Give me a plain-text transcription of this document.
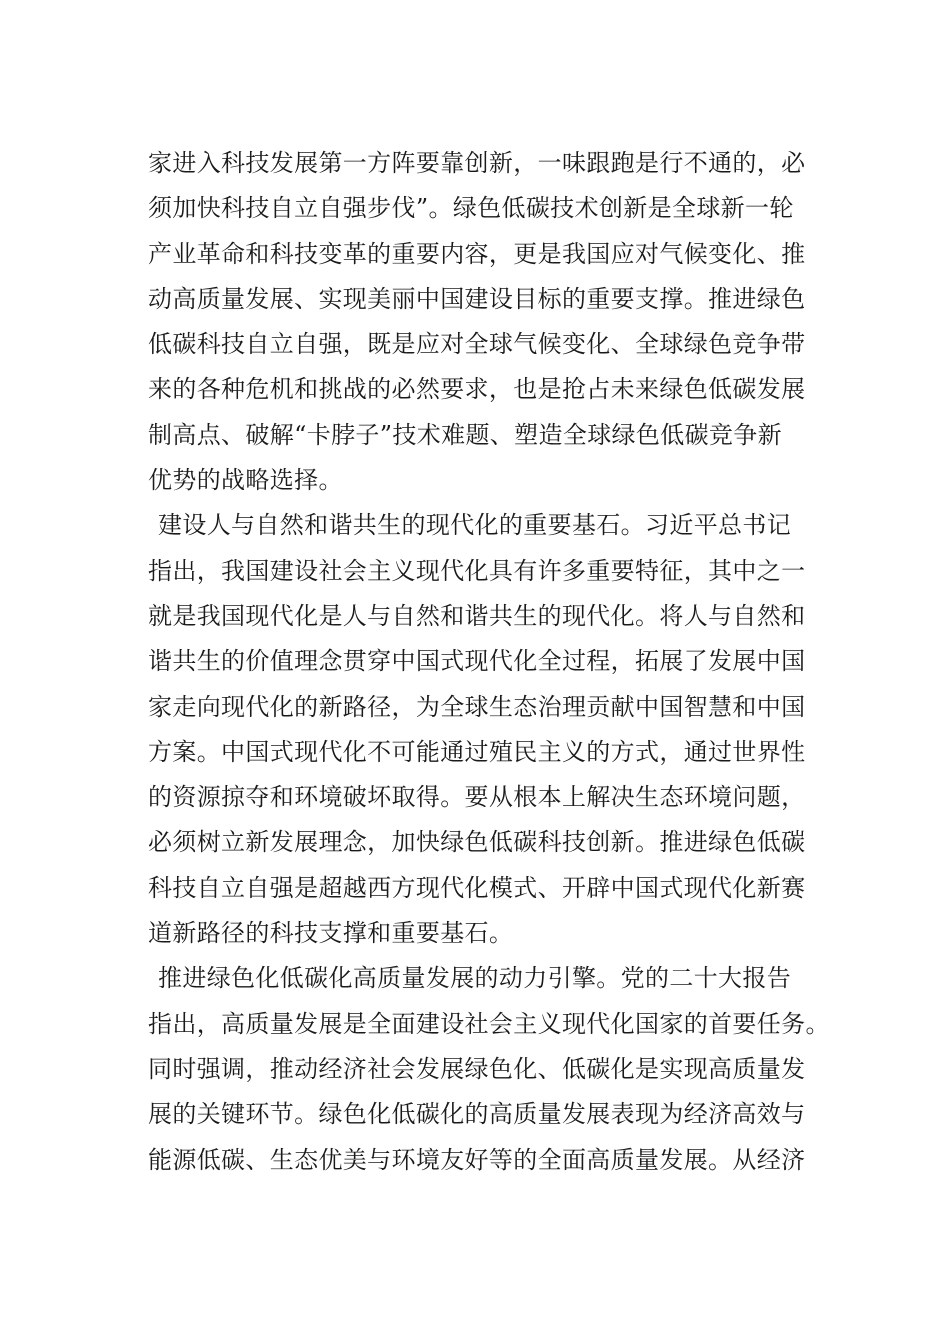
家进入科技发展第一方阵要靠创新，一味跟跑是行不通的，必
须加快科技自立自强步伐”。绿色低碳技术创新是全球新一轮
产业革命和科技变革的重要内容，更是我国应对气候变化、推
动高质量发展、实现美丽中国建设目标的重要支撑。推进绿色
低碳科技自立自强，既是应对全球气候变化、全球绿色竞争带
来的各种危机和挑战的必然要求，也是抢占未来绿色低碳发展
制高点、破解“卡脖子”技术难题、塑造全球绿色低碳竞争新
优势的战略选择。
建设人与自然和谐共生的现代化的重要基石。习近平总书记
指出，我国建设社会主义现代化具有许多重要特征，其中之一
就是我国现代化是人与自然和谐共生的现代化。将人与自然和
谐共生的价值理念贯穿中国式现代化全过程，拓展了发展中国
家走向现代化的新路径，为全球生态治理贡献中国智慧和中国
方案。中国式现代化不可能通过殖民主义的方式，通过世界性
的资源掠夺和环境破坏取得。要从根本上解决生态环境问题，
必须树立新发展理念，加快绿色低碳科技创新。推进绿色低碳
科技自立自强是超越西方现代化模式、开辟中国式现代化新赛
道新路径的科技支撑和重要基石。
推进绿色化低碳化高质量发展的动力引擎。党的二十大报告
指出，高质量发展是全面建设社会主义现代化国家的首要任务。
同时强调，推动经济社会发展绿色化、低碳化是实现高质量发
展的关键环节。绿色化低碳化的高质量发展表现为经济高效与
能源低碳、生态优美与环境友好等的全面高质量发展。从经济
